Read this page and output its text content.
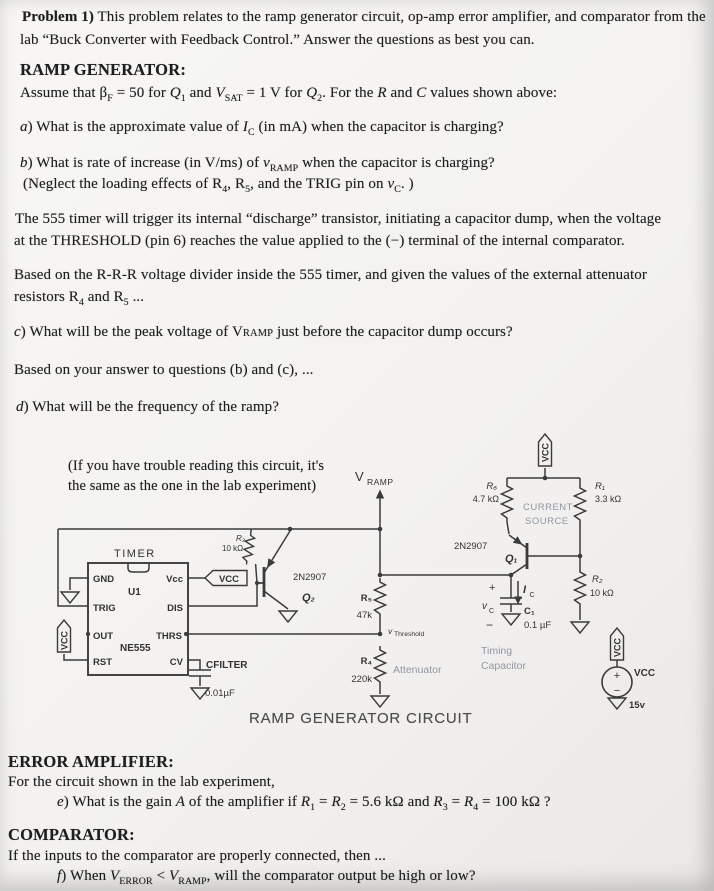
Problem 1) This problem relates to the ramp generator circuit, op-amp error amplifier, and comparator from the
lab “Buck Converter with Feedback Control.” Answer the questions as best you can.
RAMP GENERATOR:
Assume that $\beta_F = 50$ for $Q_1$ and $V_{SAT} = 1$ V for $Q_2$. For the R and C values shown above:
a) What is the approximate value of $I_C$ (in mA) when the capacitor is charging?
b) What is rate of increase (in V/ms) of $v_{RAMP}$ when the capacitor is charging?
(Neglect the loading effects of $R_4$, $R_5$, and the TRIG pin on $v_C$. )
The 555 timer will trigger its internal “discharge” transistor, initiating a capacitor dump, when the voltage
at the THRESHOLD (pin 6) reaches the value applied to the (−) terminal of the internal comparator.
Based on the R-R-R voltage divider inside the 555 timer, and given the values of the external attenuator
resistors $R_4$ and $R_5$ ...
c) What will be the peak voltage of VRAMP just before the capacitor dump occurs?
Based on your answer to questions (b) and (c), ...
d) What will be the frequency of the ramp?
(If you have trouble reading this circuit, it's
the same as the one in the lab experiment)
TIMER
GND
TRIG
OUT
RST
Vcc
DIS
THRS
CV
U1
NE555
VCC
VCC
VCC
VCC
CFILTER
0.01µF
R₃
10 kΩ
2N2907
Q₂
V RAMP
R₅
47k
v Threshold
R₄
220k
Attenuator
R₆
4.7 kΩ
CURRENT
SOURCE
2N2907
Q₁
R₁
3.3 kΩ
R₂
10 kΩ
I C
+
v C
−
C₁
0.1 µF
Timing
Capacitor
VCC
+
−
15v
RAMP GENERATOR CIRCUIT
ERROR AMPLIFIER:
For the circuit shown in the lab experiment,
e) What is the gain A of the amplifier if $R_1 = R_2 = 5.6$ kΩ and $R_3 = R_4 = 100$ kΩ ?
COMPARATOR:
If the inputs to the comparator are properly connected, then ...
f) When $V_{ERROR} < V_{RAMP}$, will the comparator output be high or low?
